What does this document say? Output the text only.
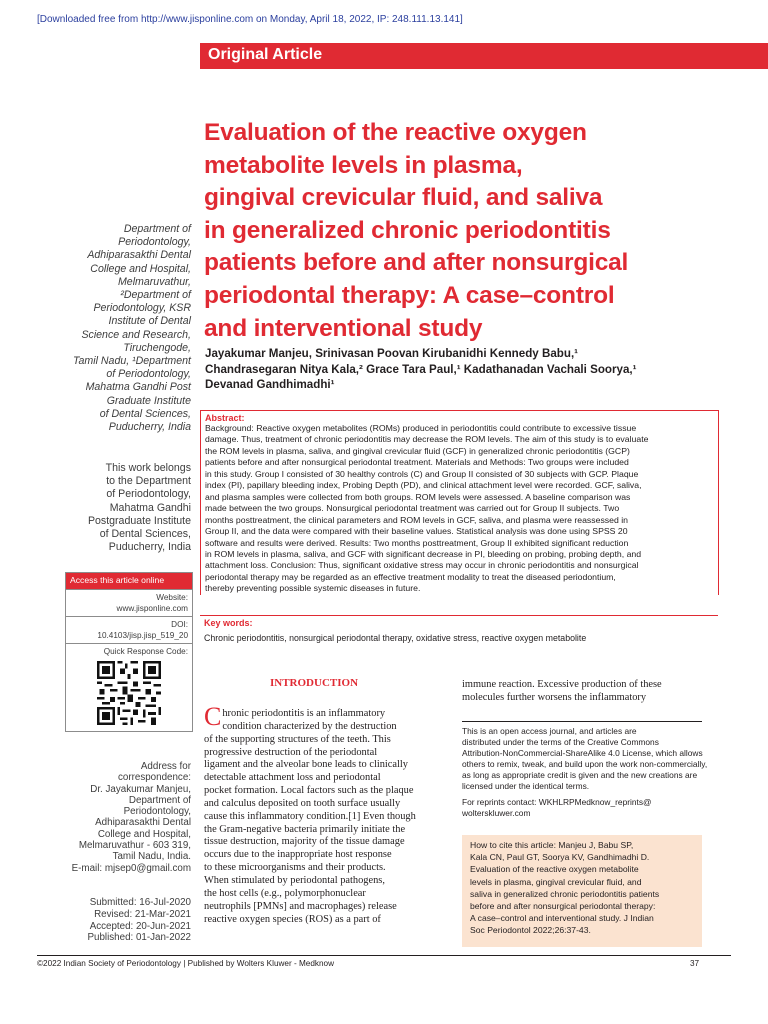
[Downloaded free from http://www.jisponline.com on Monday, April 18, 2022, IP: 248.111.13.141]
Original Article
Evaluation of the reactive oxygen
metabolite levels in plasma,
gingival crevicular fluid, and saliva
in generalized chronic periodontitis
patients before and after nonsurgical
periodontal therapy: A case–control
and interventional study
Jayakumar Manjeu, Srinivasan Poovan Kirubanidhi Kennedy Babu,¹
Chandrasegaran Nitya Kala,² Grace Tara Paul,¹ Kadathanadan Vachali Soorya,¹
Devanad Gandhimadhi¹
Department of
Periodontology,
Adhiparasakthi Dental
College and Hospital,
Melmaruvathur,
²Department of
Periodontology, KSR
Institute of Dental
Science and Research,
Tiruchengode,
Tamil Nadu, ¹Department
of Periodontology,
Mahatma Gandhi Post
Graduate Institute
of Dental Sciences,
Puducherry, India
This work belongs
to the Department
of Periodontology,
Mahatma Gandhi
Postgraduate Institute
of Dental Sciences,
Puducherry, India
Access this article online
Website:
www.jisponline.com
DOI:
10.4103/jisp.jisp_519_20
Quick Response Code:
Address for
correspondence:
Dr. Jayakumar Manjeu,
Department of
Periodontology,
Adhiparasakthi Dental
College and Hospital,
Melmaruvathur - 603 319,
Tamil Nadu, India.
E-mail: mjsep0@gmail.com
Submitted: 16-Jul-2020
Revised: 21-Mar-2021
Accepted: 20-Jun-2021
Published: 01-Jan-2022
Abstract:
Background: Reactive oxygen metabolites (ROMs) produced in periodontitis could contribute to excessive tissue
damage. Thus, treatment of chronic periodontitis may decrease the ROM levels. The aim of this study is to evaluate
the ROM levels in plasma, saliva, and gingival crevicular fluid (GCF) in generalized chronic periodontitis (GCP)
patients before and after nonsurgical periodontal treatment. Materials and Methods: Two groups were included
in this study. Group I consisted of 30 healthy controls (C) and Group II consisted of 30 subjects with GCP. Plaque
index (PI), papillary bleeding index, Probing Depth (PD), and clinical attachment level were recorded. GCF, saliva,
and plasma samples were collected from both groups. ROM levels were assessed. A baseline comparison was
made between the two groups. Nonsurgical periodontal treatment was carried out for Group II subjects. Two
months posttreatment, the clinical parameters and ROM levels in GCF, saliva, and plasma were reassessed in
Group II, and the data were compared with their baseline values. Statistical analysis was done using SPSS 20
software and results were derived. Results: Two months posttreatment, Group II exhibited significant reduction
in ROM levels in plasma, saliva, and GCF with significant decrease in PI, bleeding on probing, probing depth, and
attachment loss. Conclusion: Thus, significant oxidative stress may occur in chronic periodontitis and nonsurgical
periodontal therapy may be regarded as an effective treatment modality to treat the diseased periodontium,
thereby preventing possible systemic diseases in future.
Key words:
Chronic periodontitis, nonsurgical periodontal therapy, oxidative stress, reactive oxygen metabolite
INTRODUCTION
Chronic periodontitis is an inflammatory
condition characterized by the destruction
of the supporting structures of the teeth. This
progressive destruction of the periodontal
ligament and the alveolar bone leads to clinically
detectable attachment loss and periodontal
pocket formation. Local factors such as the plaque
and calculus deposited on tooth surface usually
cause this inflammatory condition.[1] Even though
the Gram-negative bacteria primarily initiate the
tissue destruction, majority of the tissue damage
occurs due to the inappropriate host response
to these microorganisms and their products.
When stimulated by periodontal pathogens,
the host cells (e.g., polymorphonuclear
neutrophils [PMNs] and macrophages) release
reactive oxygen species (ROS) as a part of
immune reaction. Excessive production of these
molecules further worsens the inflammatory
This is an open access journal, and articles are
distributed under the terms of the Creative Commons
Attribution-NonCommercial-ShareAlike 4.0 License, which allows
others to remix, tweak, and build upon the work non-commercially,
as long as appropriate credit is given and the new creations are
licensed under the identical terms.
For reprints contact: WKHLRPMedknow_reprints@
wolterskluwer.com
How to cite this article: Manjeu J, Babu SP,
Kala CN, Paul GT, Soorya KV, Gandhimadhi D.
Evaluation of the reactive oxygen metabolite
levels in plasma, gingival crevicular fluid, and
saliva in generalized chronic periodontitis patients
before and after nonsurgical periodontal therapy:
A case–control and interventional study. J Indian
Soc Periodontol 2022;26:37-43.
©2022 Indian Society of Periodontology | Published by Wolters Kluwer - Medknow	37
